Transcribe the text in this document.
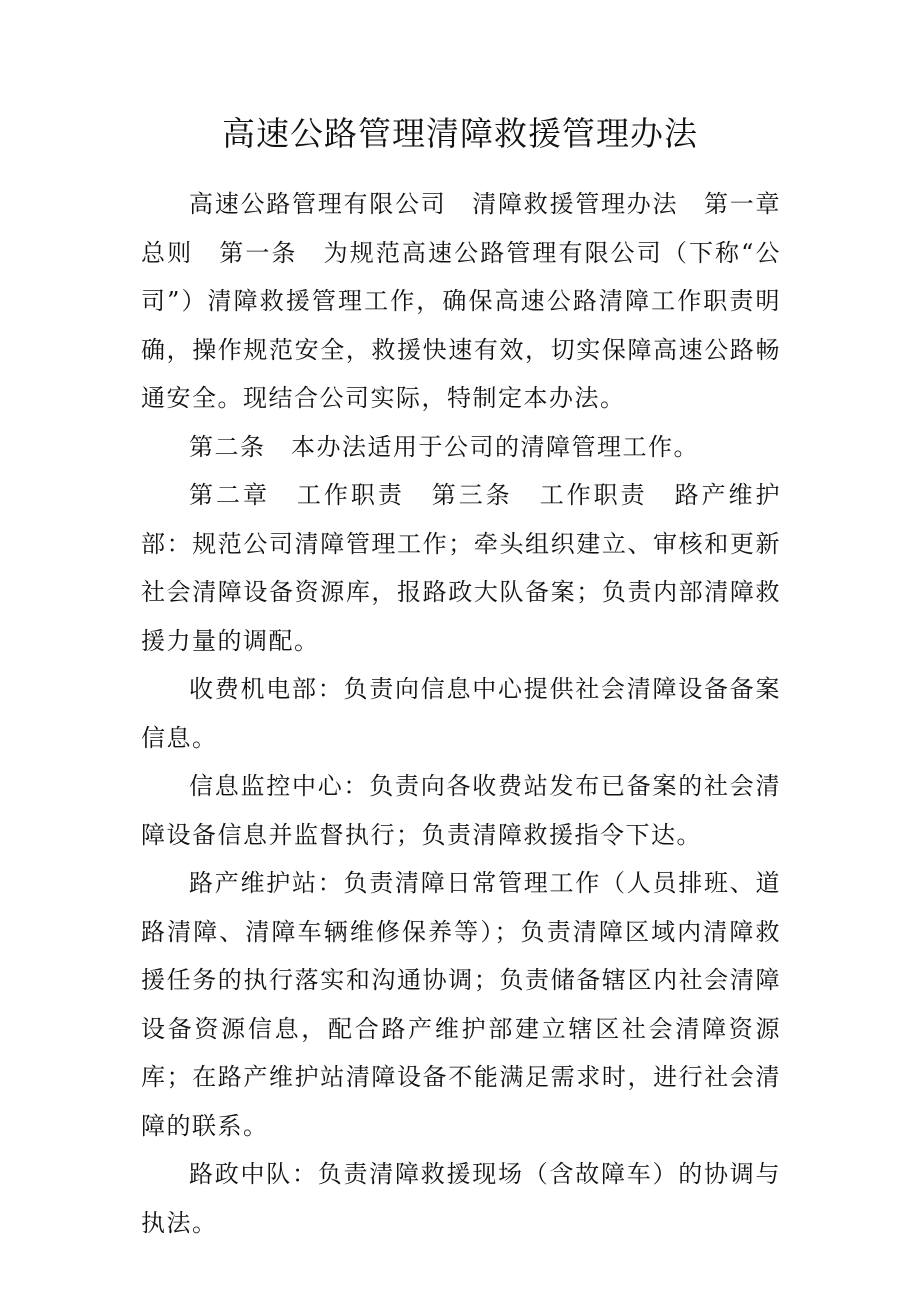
高速公路管理清障救援管理办法

高速公路管理有限公司　清障救援管理办法　第一章　总则　第一条　为规范高速公路管理有限公司（下称“公司”）清障救援管理工作，确保高速公路清障工作职责明确，操作规范安全，救援快速有效，切实保障高速公路畅通安全。现结合公司实际，特制定本办法。

第二条　本办法适用于公司的清障管理工作。

第二章　工作职责　第三条　工作职责　路产维护部：规范公司清障管理工作；牵头组织建立、审核和更新社会清障设备资源库，报路政大队备案；负责内部清障救援力量的调配。

收费机电部：负责向信息中心提供社会清障设备备案信息。

信息监控中心：负责向各收费站发布已备案的社会清障设备信息并监督执行；负责清障救援指令下达。

路产维护站：负责清障日常管理工作（人员排班、道路清障、清障车辆维修保养等）；负责清障区域内清障救援任务的执行落实和沟通协调；负责储备辖区内社会清障设备资源信息，配合路产维护部建立辖区社会清障资源库；在路产维护站清障设备不能满足需求时，进行社会清障的联系。

路政中队：负责清障救援现场（含故障车）的协调与执法。
